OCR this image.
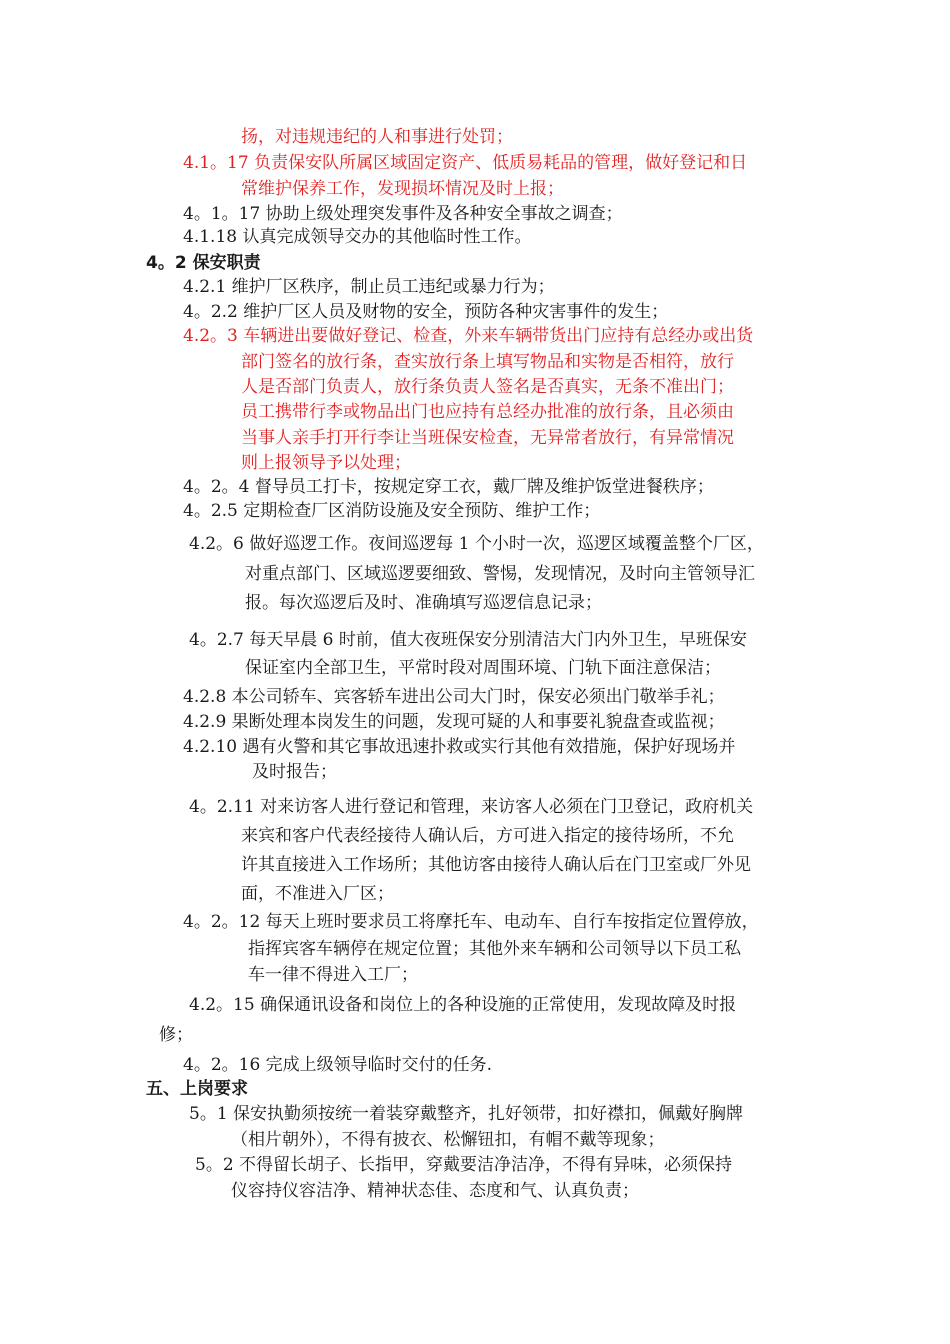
扬，对违规违纪的人和事进行处罚；
4.1。17 负责保安队所属区域固定资产、低质易耗品的管理，做好登记和日
常维护保养工作，发现损坏情况及时上报；
4。1。17 协助上级处理突发事件及各种安全事故之调查；
4.1.18 认真完成领导交办的其他临时性工作。
4。2 保安职责
4.2.1 维护厂区秩序，制止员工违纪或暴力行为；
4。2.2 维护厂区人员及财物的安全，预防各种灾害事件的发生；
4.2。3 车辆进出要做好登记、检查，外来车辆带货出门应持有总经办或出货
部门签名的放行条，查实放行条上填写物品和实物是否相符，放行
人是否部门负责人，放行条负责人签名是否真实，无条不准出门；
员工携带行李或物品出门也应持有总经办批准的放行条，且必须由
当事人亲手打开行李让当班保安检查，无异常者放行，有异常情况
则上报领导予以处理；
4。2。4 督导员工打卡，按规定穿工衣，戴厂牌及维护饭堂进餐秩序；
4。2.5 定期检查厂区消防设施及安全预防、维护工作；
4.2。6 做好巡逻工作。夜间巡逻每 1 个小时一次，巡逻区域覆盖整个厂区，
对重点部门、区域巡逻要细致、警惕，发现情况，及时向主管领导汇
报。每次巡逻后及时、准确填写巡逻信息记录；
4。2.7 每天早晨 6 时前，值大夜班保安分别清洁大门内外卫生，早班保安
保证室内全部卫生，平常时段对周围环境、门轨下面注意保洁；
4.2.8 本公司轿车、宾客轿车进出公司大门时，保安必须出门敬举手礼；
4.2.9 果断处理本岗发生的问题，发现可疑的人和事要礼貌盘查或监视；
4.2.10 遇有火警和其它事故迅速扑救或实行其他有效措施，保护好现场并
及时报告；
4。2.11 对来访客人进行登记和管理，来访客人必须在门卫登记，政府机关
来宾和客户代表经接待人确认后，方可进入指定的接待场所，不允
许其直接进入工作场所；其他访客由接待人确认后在门卫室或厂外见
面，不准进入厂区；
4。2。12 每天上班时要求员工将摩托车、电动车、自行车按指定位置停放，
指挥宾客车辆停在规定位置；其他外来车辆和公司领导以下员工私
车一律不得进入工厂；
4.2。15 确保通讯设备和岗位上的各种设施的正常使用，发现故障及时报
修；
4。2。16 完成上级领导临时交付的任务.
五、上岗要求
5。1 保安执勤须按统一着装穿戴整齐，扎好领带，扣好襟扣，佩戴好胸牌
（相片朝外），不得有披衣、松懈钮扣，有帽不戴等现象；
5。2 不得留长胡子、长指甲，穿戴要洁净洁净，不得有异味，必须保持
仪容持仪容洁净、精神状态佳、态度和气、认真负责；
